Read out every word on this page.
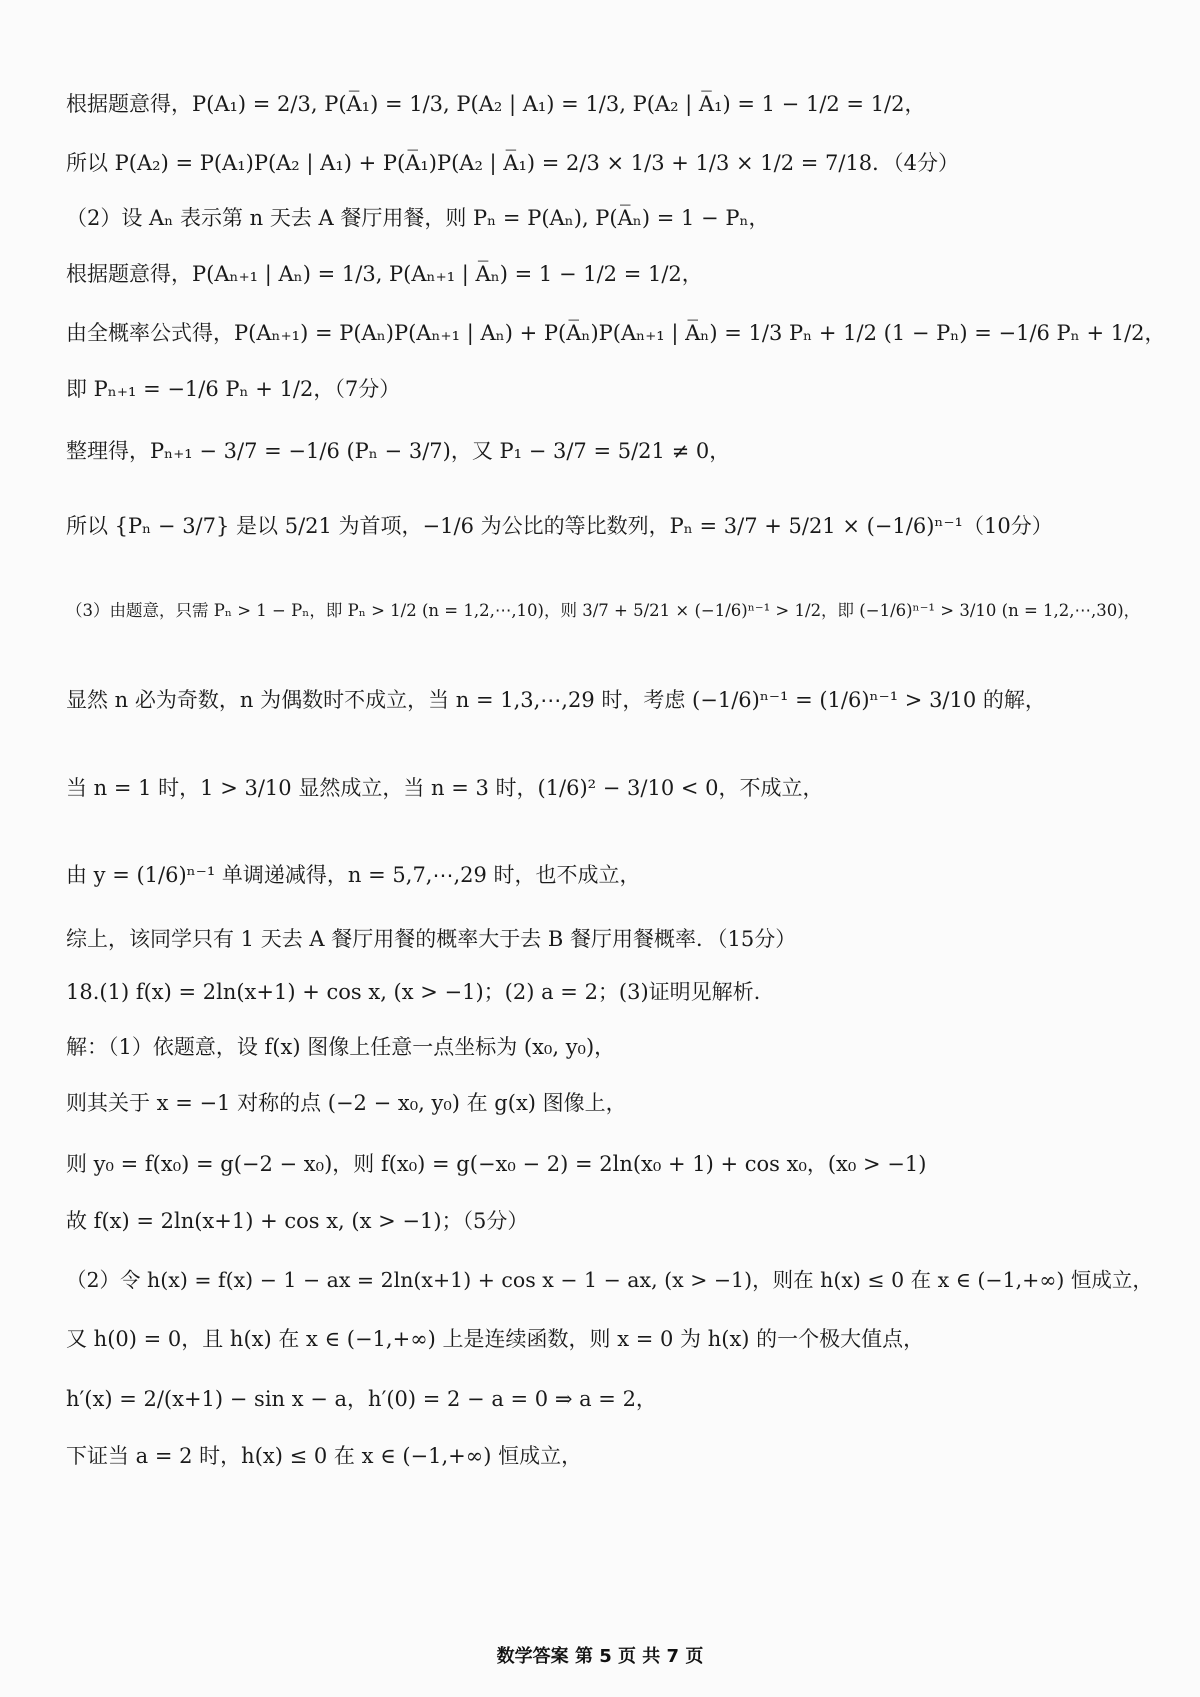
根据题意得，P(A₁) = 2/3, P(A̅₁) = 1/3, P(A₂ | A₁) = 1/3, P(A₂ | A̅₁) = 1 − 1/2 = 1/2，
所以 P(A₂) = P(A₁)P(A₂ | A₁) + P(A̅₁)P(A₂ | A̅₁) = 2/3 × 1/3 + 1/3 × 1/2 = 7/18．（4分）
（2）设 Aₙ 表示第 n 天去 A 餐厅用餐，则 Pₙ = P(Aₙ), P(A̅ₙ) = 1 − Pₙ，
根据题意得，P(Aₙ₊₁ | Aₙ) = 1/3, P(Aₙ₊₁ | A̅ₙ) = 1 − 1/2 = 1/2，
由全概率公式得，P(Aₙ₊₁) = P(Aₙ)P(Aₙ₊₁ | Aₙ) + P(A̅ₙ)P(Aₙ₊₁ | A̅ₙ) = 1/3 Pₙ + 1/2 (1 − Pₙ) = −1/6 Pₙ + 1/2，
即 Pₙ₊₁ = −1/6 Pₙ + 1/2，（7分）
整理得，Pₙ₊₁ − 3/7 = −1/6 (Pₙ − 3/7)，又 P₁ − 3/7 = 5/21 ≠ 0，
所以 {Pₙ − 3/7} 是以 5/21 为首项，−1/6 为公比的等比数列，Pₙ = 3/7 + 5/21 × (−1/6)ⁿ⁻¹（10分）
（3）由题意，只需 Pₙ > 1 − Pₙ，即 Pₙ > 1/2 (n = 1,2,⋯,10)，则 3/7 + 5/21 × (−1/6)ⁿ⁻¹ > 1/2，即 (−1/6)ⁿ⁻¹ > 3/10 (n = 1,2,⋯,30)，
显然 n 必为奇数，n 为偶数时不成立，当 n = 1,3,⋯,29 时，考虑 (−1/6)ⁿ⁻¹ = (1/6)ⁿ⁻¹ > 3/10 的解，
当 n = 1 时，1 > 3/10 显然成立，当 n = 3 时，(1/6)² − 3/10 < 0，不成立，
由 y = (1/6)ⁿ⁻¹ 单调递减得，n = 5,7,⋯,29 时，也不成立，
综上，该同学只有 1 天去 A 餐厅用餐的概率大于去 B 餐厅用餐概率．（15分）
18.(1) f(x) = 2ln(x+1) + cos x, (x > −1)；(2) a = 2；(3)证明见解析.
解：（1）依题意，设 f(x) 图像上任意一点坐标为 (x₀, y₀)，
则其关于 x = −1 对称的点 (−2 − x₀, y₀) 在 g(x) 图像上，
则 y₀ = f(x₀) = g(−2 − x₀)，则 f(x₀) = g(−x₀ − 2) = 2ln(x₀ + 1) + cos x₀，(x₀ > −1)
故 f(x) = 2ln(x+1) + cos x, (x > −1)；（5分）
（2）令 h(x) = f(x) − 1 − ax = 2ln(x+1) + cos x − 1 − ax, (x > −1)，则在 h(x) ≤ 0 在 x ∈ (−1,+∞) 恒成立，
又 h(0) = 0，且 h(x) 在 x ∈ (−1,+∞) 上是连续函数，则 x = 0 为 h(x) 的一个极大值点，
h′(x) = 2/(x+1) − sin x − a，h′(0) = 2 − a = 0 ⇒ a = 2，
下证当 a = 2 时，h(x) ≤ 0 在 x ∈ (−1,+∞) 恒成立，
数学答案 第 5 页 共 7 页
